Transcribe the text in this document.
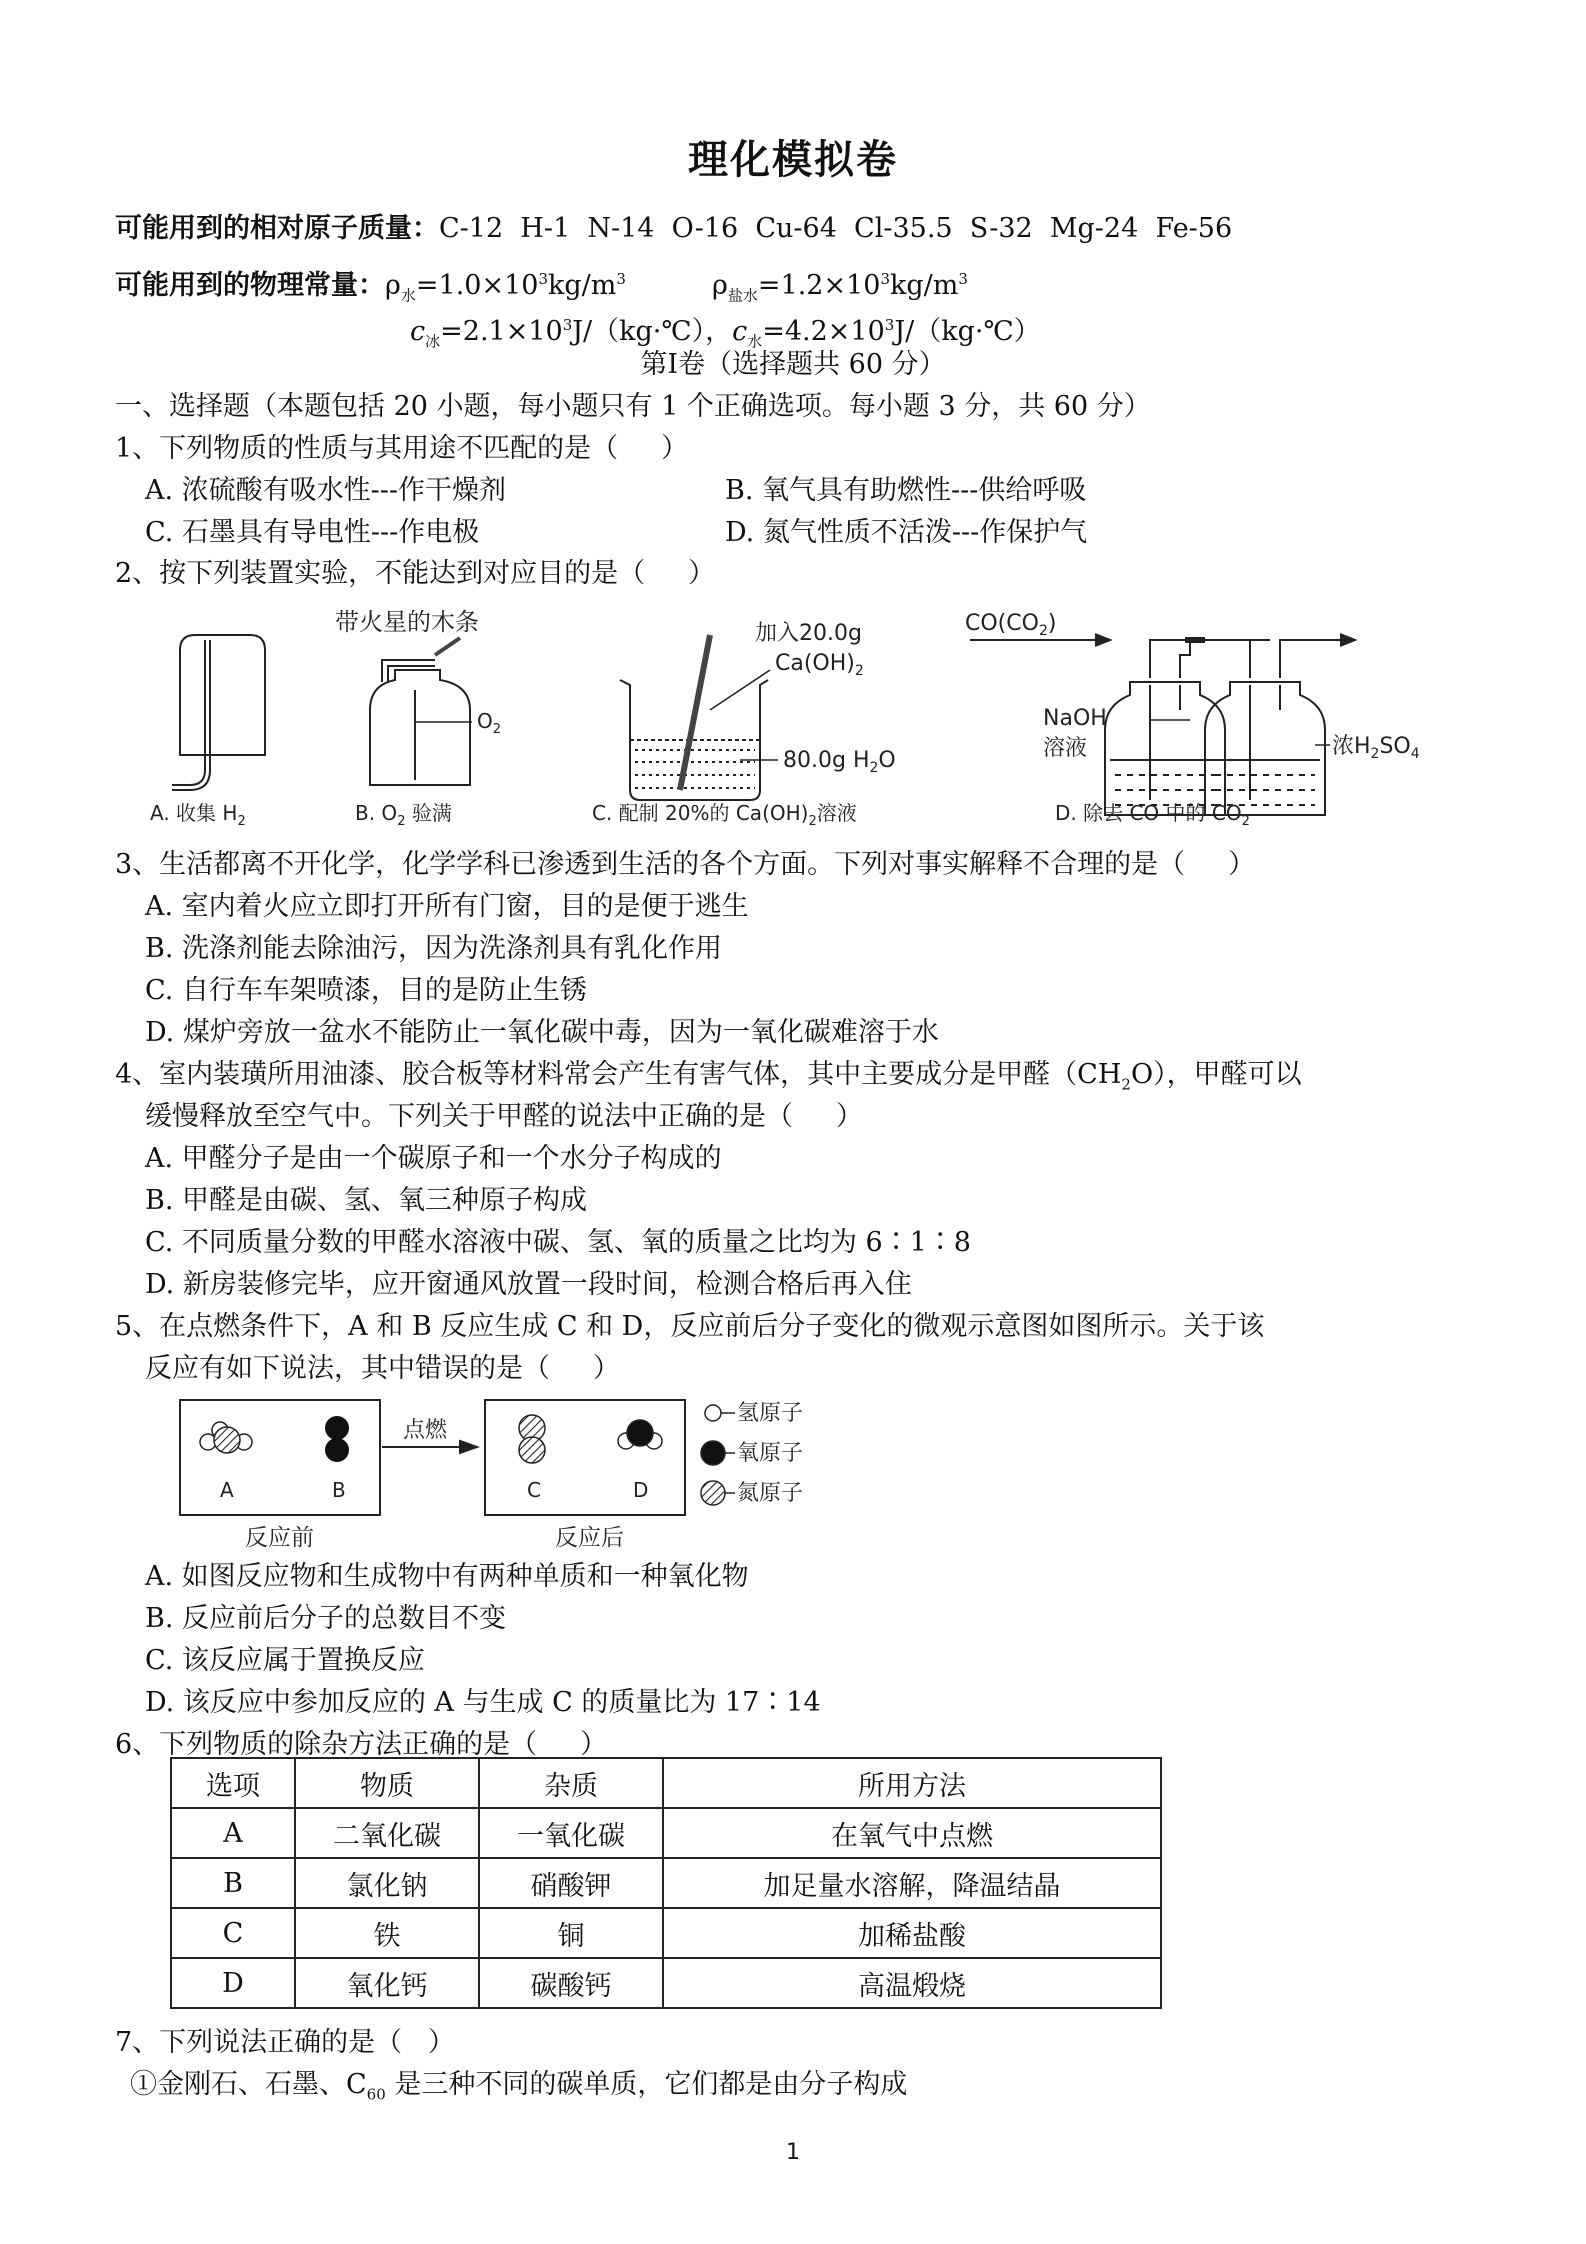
理化模拟卷
可能用到的相对原子质量：C-12  H-1  N-14  O-16  Cu-64  Cl-35.5  S-32  Mg-24  Fe-56
可能用到的物理常量：$\rho_水=1.0\times 10^3kg/m^3$	$\rho_{盐水}=1.2\times 10^3kg/m^3$
$c_冰=2.1\times 10^3J/(kg\cdot℃)$，$c_水=4.2\times 10^3J/(kg\cdot℃)$
第Ⅰ卷（选择题共 60 分）
一、选择题（本题包括 20 小题，每小题只有 1 个正确选项。每小题 3 分，共 60 分）
1、下列物质的性质与其用途不匹配的是（     ）
A. 浓硫酸有吸水性---作干燥剂	B. 氧气具有助燃性---供给呼吸
C. 石墨具有导电性---作电极	D. 氮气性质不活泼---作保护气
2、按下列装置实验，不能达到对应目的是（     ）
A. 收集 $H_2$
带火星的木条
$O_2$
B. $O_2$ 验满
加入20.0g
$Ca(OH)_2$
80.0g $H_2O$
C. 配制 20%的 $Ca(OH)_2$溶液
$CO(CO_2)$
NaOH
溶液	浓$H_2SO_4$
D. 除去 CO 中的 $CO_2$
3、生活都离不开化学，化学学科已渗透到生活的各个方面。下列对事实解释不合理的是（     ）
A. 室内着火应立即打开所有门窗，目的是便于逃生
B. 洗涤剂能去除油污，因为洗涤剂具有乳化作用
C. 自行车车架喷漆，目的是防止生锈
D. 煤炉旁放一盆水不能防止一氧化碳中毒，因为一氧化碳难溶于水
4、室内装璜所用油漆、胶合板等材料常会产生有害气体，其中主要成分是甲醛$(CH_2O)$，甲醛可以
缓慢释放至空气中。下列关于甲醛的说法中正确的是（     ）
A. 甲醛分子是由一个碳原子和一个水分子构成的
B. 甲醛是由碳、氢、氧三种原子构成
C. 不同质量分数的甲醛水溶液中碳、氢、氧的质量之比均为 6∶1∶8
D. 新房装修完毕，应开窗通风放置一段时间，检测合格后再入住
5、在点燃条件下，A 和 B 反应生成 C 和 D，反应前后分子变化的微观示意图如图所示。关于该
反应有如下说法，其中错误的是（     ）
A	B	C	D
点燃
反应前	反应后
氢原子
氧原子
氮原子
A. 如图反应物和生成物中有两种单质和一种氧化物
B. 反应前后分子的总数目不变
C. 该反应属于置换反应
D. 该反应中参加反应的 A 与生成 C 的质量比为 17∶14
6、下列物质的除杂方法正确的是（     ）
选项	物质	杂质	所用方法
A	二氧化碳	一氧化碳	在氧气中点燃
B	氯化钠	硝酸钾	加足量水溶解，降温结晶
C	铁	铜	加稀盐酸
D	氧化钙	碳酸钙	高温煅烧
7、下列说法正确的是（   ）
①金刚石、石墨、$C_{60}$ 是三种不同的碳单质，它们都是由分子构成
1
